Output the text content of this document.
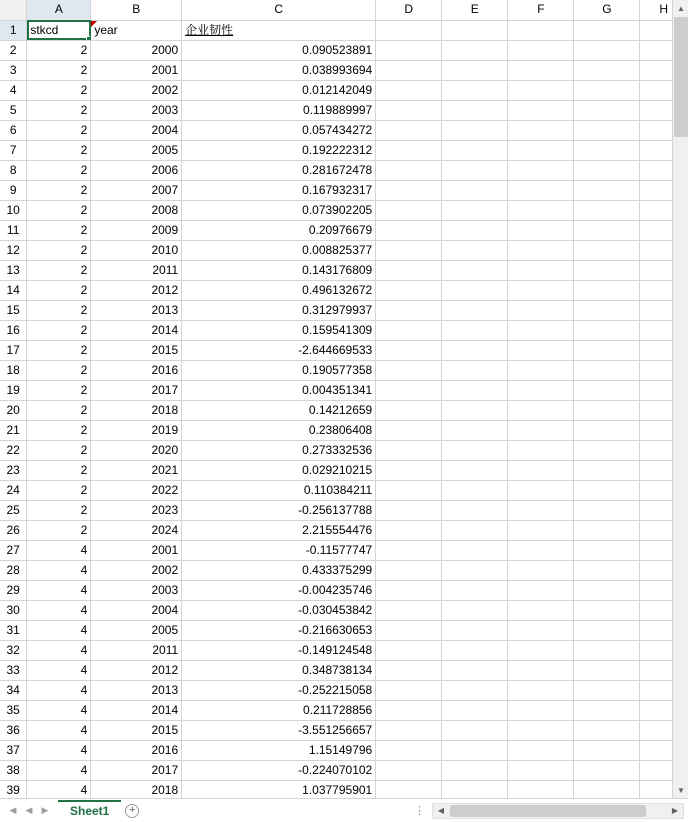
	A	B	C	D	E	F	G	H
1	stkcd	year	企业韧性					
2	2	2000	0.090523891					
3	2	2001	0.038993694					
4	2	2002	0.012142049					
5	2	2003	0.119889997					
6	2	2004	0.057434272					
7	2	2005	0.192222312					
8	2	2006	0.281672478					
9	2	2007	0.167932317					
10	2	2008	0.073902205					
11	2	2009	0.20976679					
12	2	2010	0.008825377					
13	2	2011	0.143176809					
14	2	2012	0.496132672					
15	2	2013	0.312979937					
16	2	2014	0.159541309					
17	2	2015	-2.644669533					
18	2	2016	0.190577358					
19	2	2017	0.004351341					
20	2	2018	0.14212659					
21	2	2019	0.23806408					
22	2	2020	0.273332536					
23	2	2021	0.029210215					
24	2	2022	0.110384211					
25	2	2023	-0.256137788					
26	2	2024	2.215554476					
27	4	2001	-0.11577747					
28	4	2002	0.433375299					
29	4	2003	-0.004235746					
30	4	2004	-0.030453842					
31	4	2005	-0.216630653					
32	4	2011	-0.149124548					
33	4	2012	0.348738134					
34	4	2013	-0.252215058					
35	4	2014	0.211728856					
36	4	2015	-3.551256657					
37	4	2016	1.15149796					
38	4	2017	-0.224070102					
39	4	2018	1.037795901					
▲
▼
◀	◀	▶	Sheet1	+	⋮	◀	▶
